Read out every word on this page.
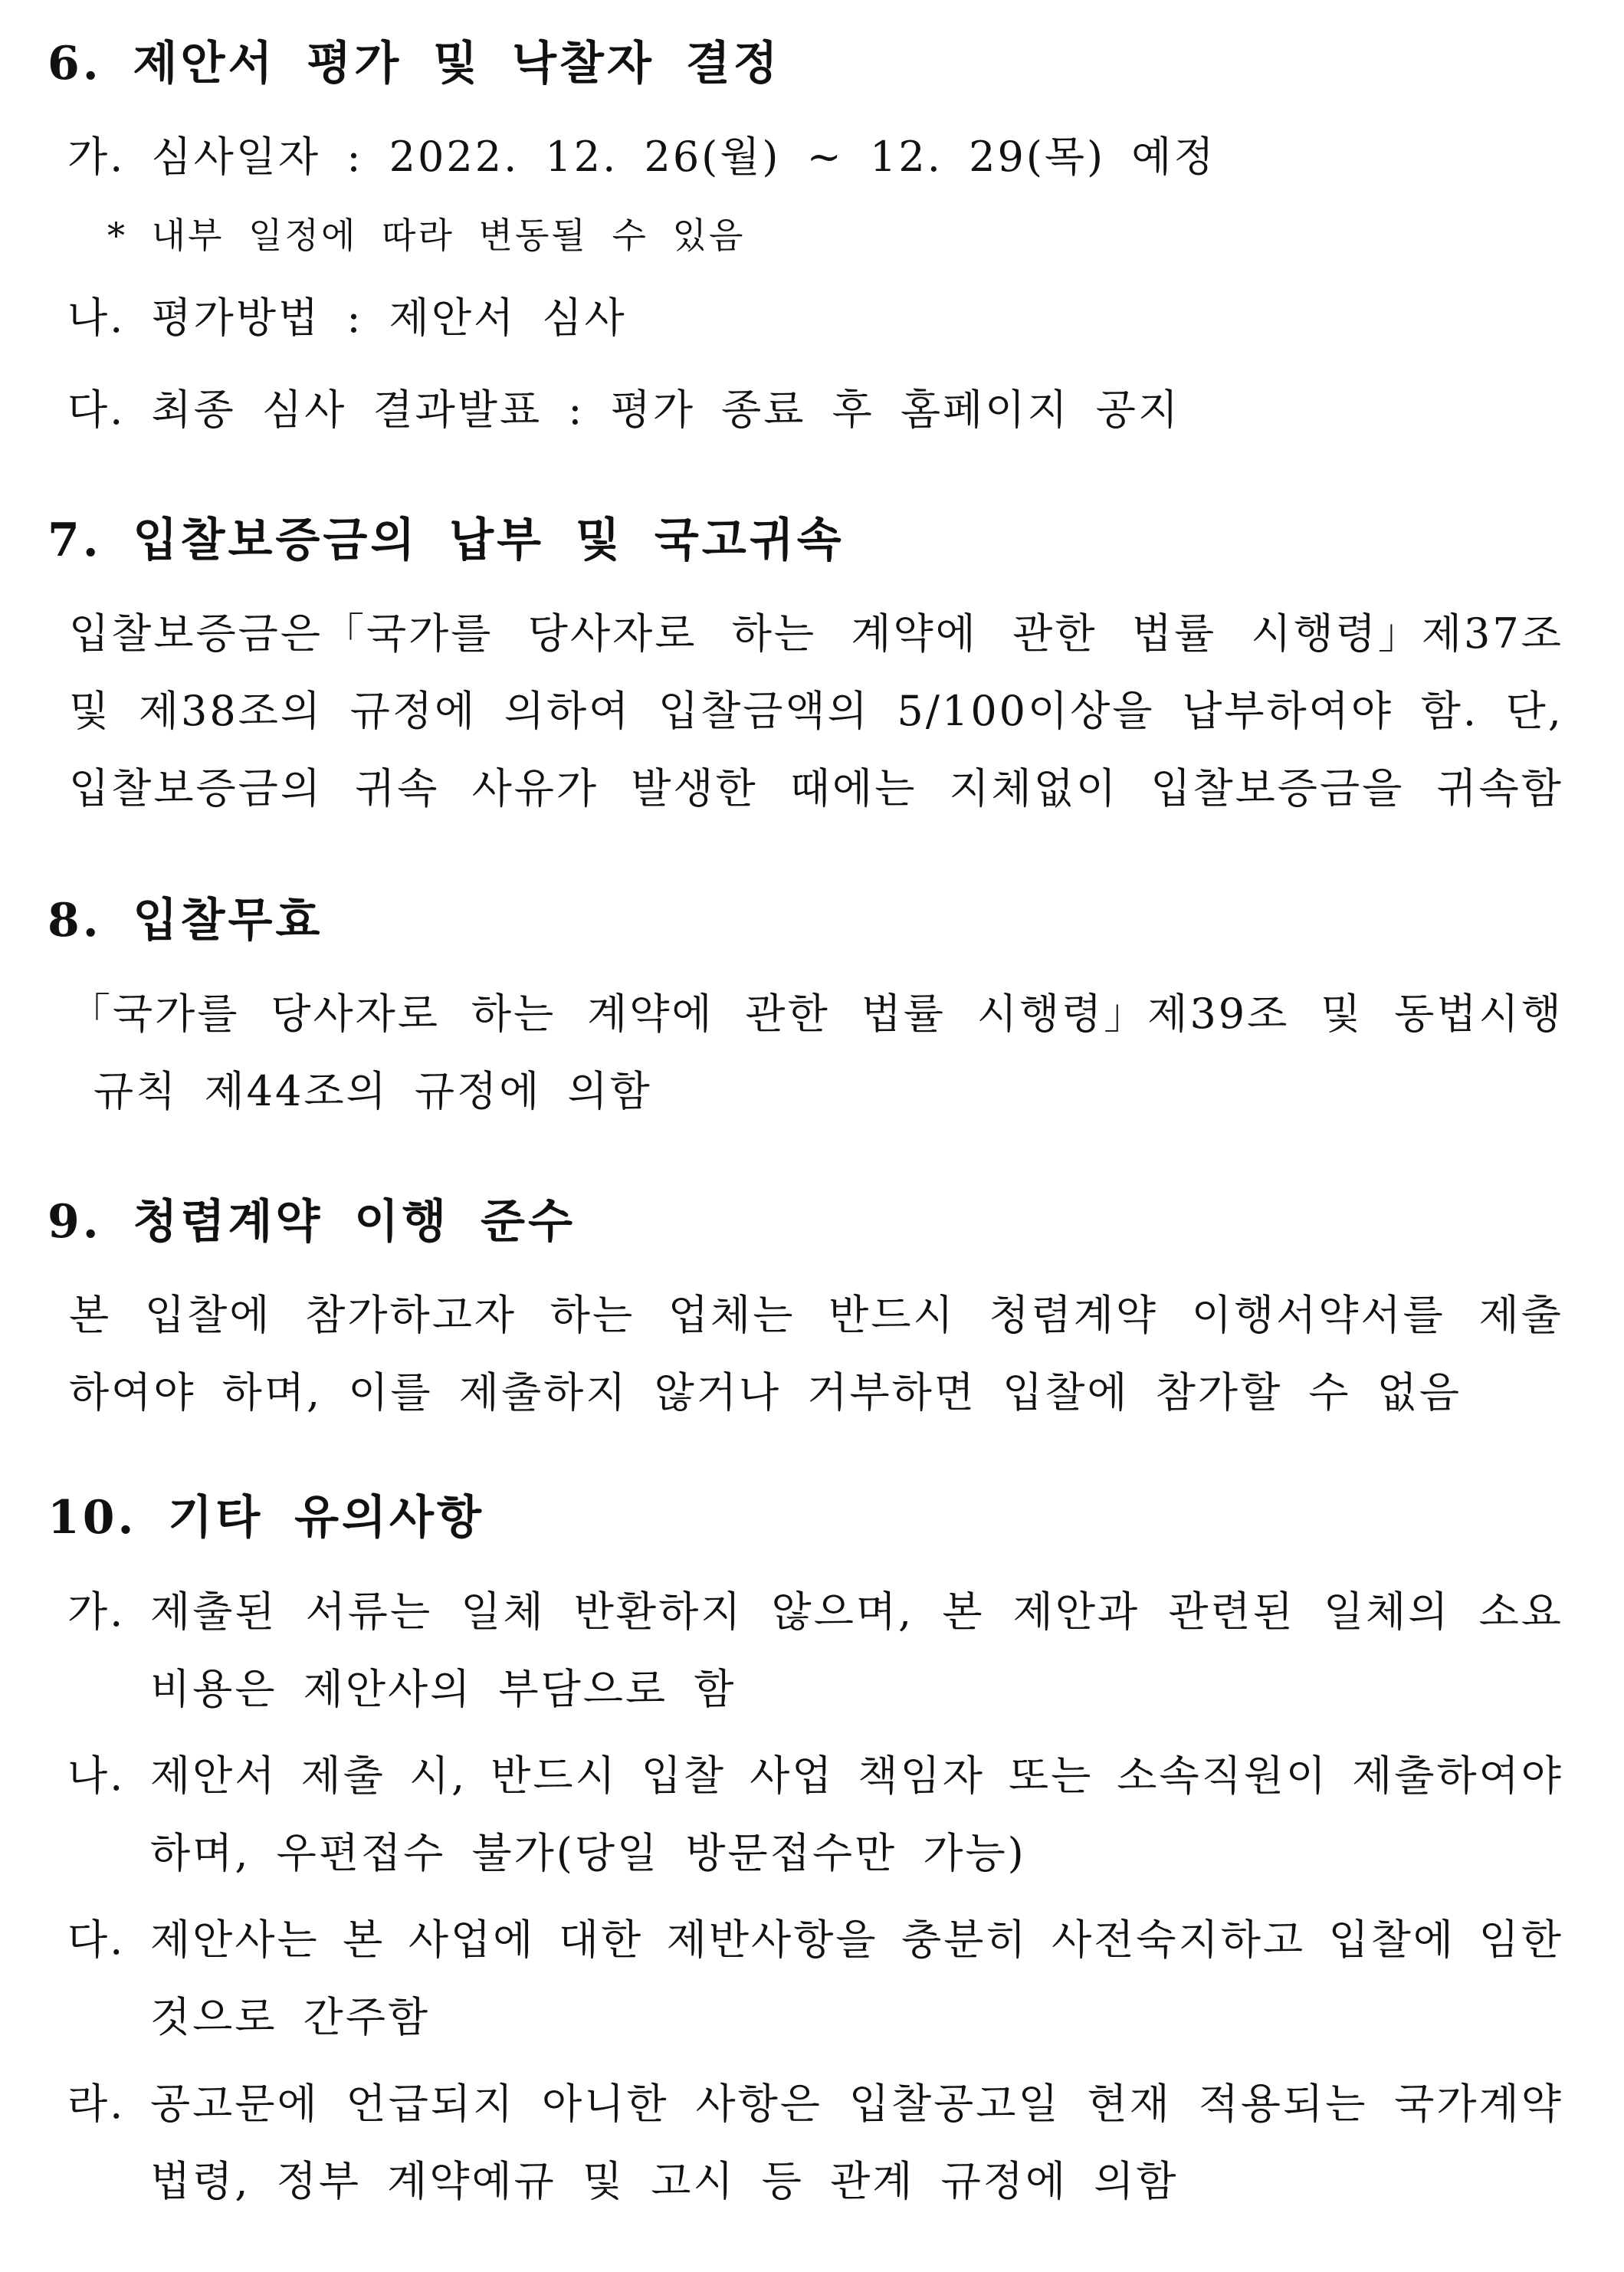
6. 제안서 평가 및 낙찰자 결정
가. 심사일자 : 2022. 12. 26(월) ~ 12. 29(목) 예정
* 내부 일정에 따라 변동될 수 있음
나. 평가방법 : 제안서 심사
다. 최종 심사 결과발표 : 평가 종료 후 홈페이지 공지
7. 입찰보증금의 납부 및 국고귀속
입찰보증금은「국가를 당사자로 하는 계약에 관한 법률 시행령」제37조
및 제38조의 규정에 의하여 입찰금액의 5/100이상을 납부하여야 함. 단,
입찰보증금의 귀속 사유가 발생한 때에는 지체없이 입찰보증금을 귀속함
8. 입찰무효
「국가를 당사자로 하는 계약에 관한 법률 시행령」제39조 및 동법시행
규칙 제44조의 규정에 의함
9. 청렴계약 이행 준수
본 입찰에 참가하고자 하는 업체는 반드시 청렴계약 이행서약서를 제출
하여야 하며, 이를 제출하지 않거나 거부하면 입찰에 참가할 수 없음
10. 기타 유의사항
가. 제출된 서류는 일체 반환하지 않으며, 본 제안과 관련된 일체의 소요
비용은 제안사의 부담으로 함
나. 제안서 제출 시, 반드시 입찰 사업 책임자 또는 소속직원이 제출하여야
하며, 우편접수 불가(당일 방문접수만 가능)
다. 제안사는 본 사업에 대한 제반사항을 충분히 사전숙지하고 입찰에 임한
것으로 간주함
라. 공고문에 언급되지 아니한 사항은 입찰공고일 현재 적용되는 국가계약
법령, 정부 계약예규 및 고시 등 관계 규정에 의함
